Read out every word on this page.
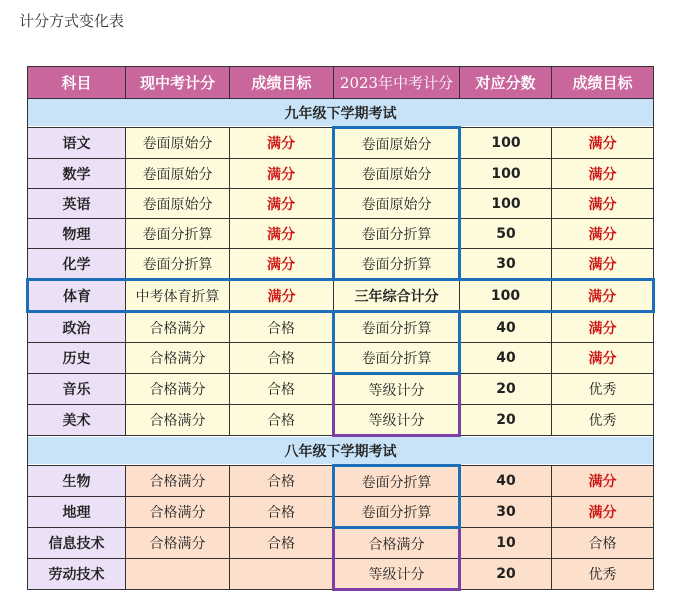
计分方式变化表
科目	现中考计分	成绩目标	2023年中考计分	对应分数	成绩目标
九年级下学期考试					
语文	卷面原始分	满分	卷面原始分	100	满分
数学	卷面原始分	满分	卷面原始分	100	满分
英语	卷面原始分	满分	卷面原始分	100	满分
物理	卷面分折算	满分	卷面分折算	50	满分
化学	卷面分折算	满分	卷面分折算	30	满分
体育	中考体育折算	满分	三年综合计分	100	满分
政治	合格满分	合格	卷面分折算	40	满分
历史	合格满分	合格	卷面分折算	40	满分
音乐	合格满分	合格	等级计分	20	优秀
美术	合格满分	合格	等级计分	20	优秀
八年级下学期考试					
生物	合格满分	合格	卷面分折算	40	满分
地理	合格满分	合格	卷面分折算	30	满分
信息技术	合格满分	合格	合格满分	10	合格
劳动技术			等级计分	20	优秀
